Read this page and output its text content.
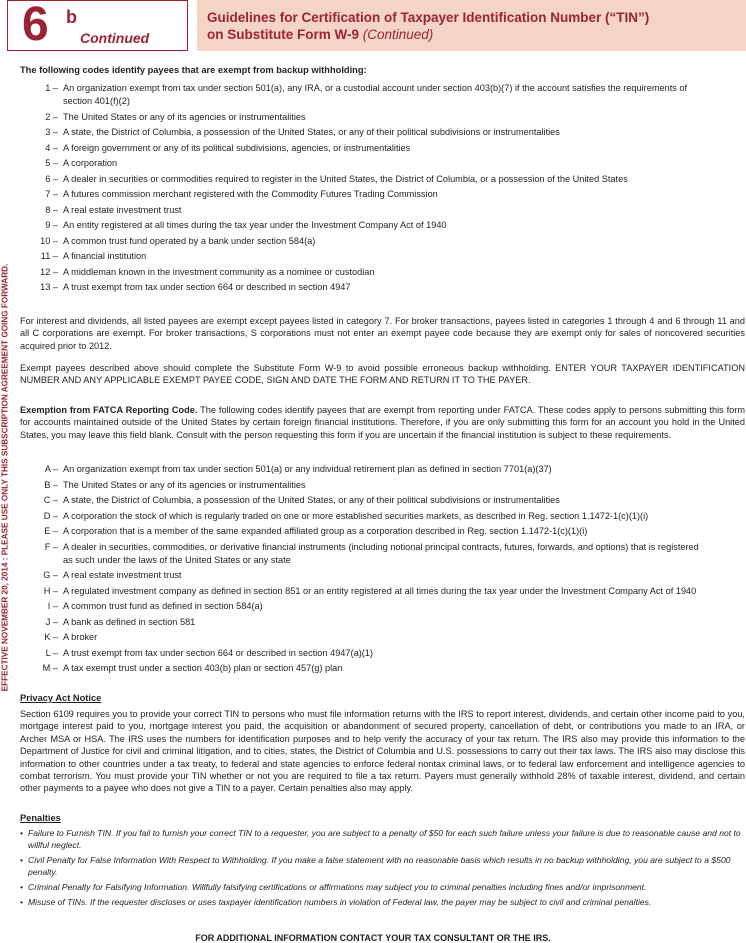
6 b
Continued
Guidelines for Certification of Taxpayer Identification Number (“TIN”)
on Substitute Form W-9 (Continued)
EFFECTIVE NOVEMBER 20, 2014 : PLEASE USE ONLY THIS SUBSCRIPTION AGREEMENT GOING FORWARD.
The following codes identify payees that are exempt from backup withholding:
1 – An organization exempt from tax under section 501(a), any IRA, or a custodial account under section 403(b)(7) if the account satisfies the requirements of
section 401(f)(2)
2 – The United States or any of its agencies or instrumentalities
3 – A state, the District of Columbia, a possession of the United States, or any of their political subdivisions or instrumentalities
4 – A foreign government or any of its political subdivisions, agencies, or instrumentalities
5 – A corporation
6 – A dealer in securities or commodities required to register in the United States, the District of Columbia, or a possession of the United States
7 – A futures commission merchant registered with the Commodity Futures Trading Commission
8 – A real estate investment trust
9 – An entity registered at all times during the tax year under the Investment Company Act of 1940
10 – A common trust fund operated by a bank under section 584(a)
11 – A financial institution
12 – A middleman known in the investment community as a nominee or custodian
13 – A trust exempt from tax under section 664 or described in section 4947
For interest and dividends, all listed payees are exempt except payees listed in category 7. For broker transactions, payees listed in categories 1 through 4 and 6 through 11 and all C corporations are exempt. For broker transactions, S corporations must not enter an exempt payee code because they are exempt only for sales of noncovered securities acquired prior to 2012.
Exempt payees described above should complete the Substitute Form W-9 to avoid possible erroneous backup withholding. ENTER YOUR TAXPAYER IDENTIFICATION NUMBER AND ANY APPLICABLE EXEMPT PAYEE CODE, SIGN AND DATE THE FORM AND RETURN IT TO THE PAYER.
Exemption from FATCA Reporting Code. The following codes identify payees that are exempt from reporting under FATCA. These codes apply to persons submitting this form for accounts maintained outside of the United States by certain foreign financial institutions. Therefore, if you are only submitting this form for an account you hold in the United States, you may leave this field blank. Consult with the person requesting this form if you are uncertain if the financial institution is subject to these requirements.
A – An organization exempt from tax under section 501(a) or any individual retirement plan as defined in section 7701(a)(37)
B – The United States or any of its agencies or instrumentalities
C – A state, the District of Columbia, a possession of the United States, or any of their political subdivisions or instrumentalities
D – A corporation the stock of which is regularly traded on one or more established securities markets, as described in Reg. section 1.1472-1(c)(1)(i)
E – A corporation that is a member of the same expanded affiliated group as a corporation described in Reg. section 1.1472-1(c)(1)(i)
F – A dealer in securities, commodities, or derivative financial instruments (including notional principal contracts, futures, forwards, and options) that is registered
as such under the laws of the United States or any state
G – A real estate investment trust
H – A regulated investment company as defined in section 851 or an entity registered at all times during the tax year under the Investment Company Act of 1940
I – A common trust fund as defined in section 584(a)
J – A bank as defined in section 581
K – A broker
L – A trust exempt from tax under section 664 or described in section 4947(a)(1)
M – A tax exempt trust under a section 403(b) plan or section 457(g) plan
Privacy Act Notice
Section 6109 requires you to provide your correct TIN to persons who must file information returns with the IRS to report interest, dividends, and certain other income paid to you, mortgage interest paid to you, mortgage interest you paid, the acquisition or abandonment of secured property, cancellation of debt, or contributions you made to an IRA, or Archer MSA or HSA. The IRS uses the numbers for identification purposes and to help verify the accuracy of your tax return. The IRS also may provide this information to the Department of Justice for civil and criminal litigation, and to cities, states, the District of Columbia and U.S. possessions to carry out their tax laws. The IRS also may disclose this information to other countries under a tax treaty, to federal and state agencies to enforce federal nontax criminal laws, or to federal law enforcement and intelligence agencies to combat terrorism. You must provide your TIN whether or not you are required to file a tax return. Payers must generally withhold 28% of taxable interest, dividend, and certain other payments to a payee who does not give a TIN to a payer. Certain penalties also may apply.
Penalties
• Failure to Furnish TIN. If you fail to furnish your correct TIN to a requester, you are subject to a penalty of $50 for each such failure unless your failure is due to reasonable cause and not to willful neglect.
• Civil Penalty for False Information With Respect to Withholding. If you make a false statement with no reasonable basis which results in no backup withholding, you are subject to a $500 penalty.
• Criminal Penalty for Falsifying Information. Willfully falsifying certifications or affirmations may subject you to criminal penalties including fines and/or imprisonment.
• Misuse of TINs. If the requester discloses or uses taxpayer identification numbers in violation of Federal law, the payer may be subject to civil and criminal penalties.
FOR ADDITIONAL INFORMATION CONTACT YOUR TAX CONSULTANT OR THE IRS.
